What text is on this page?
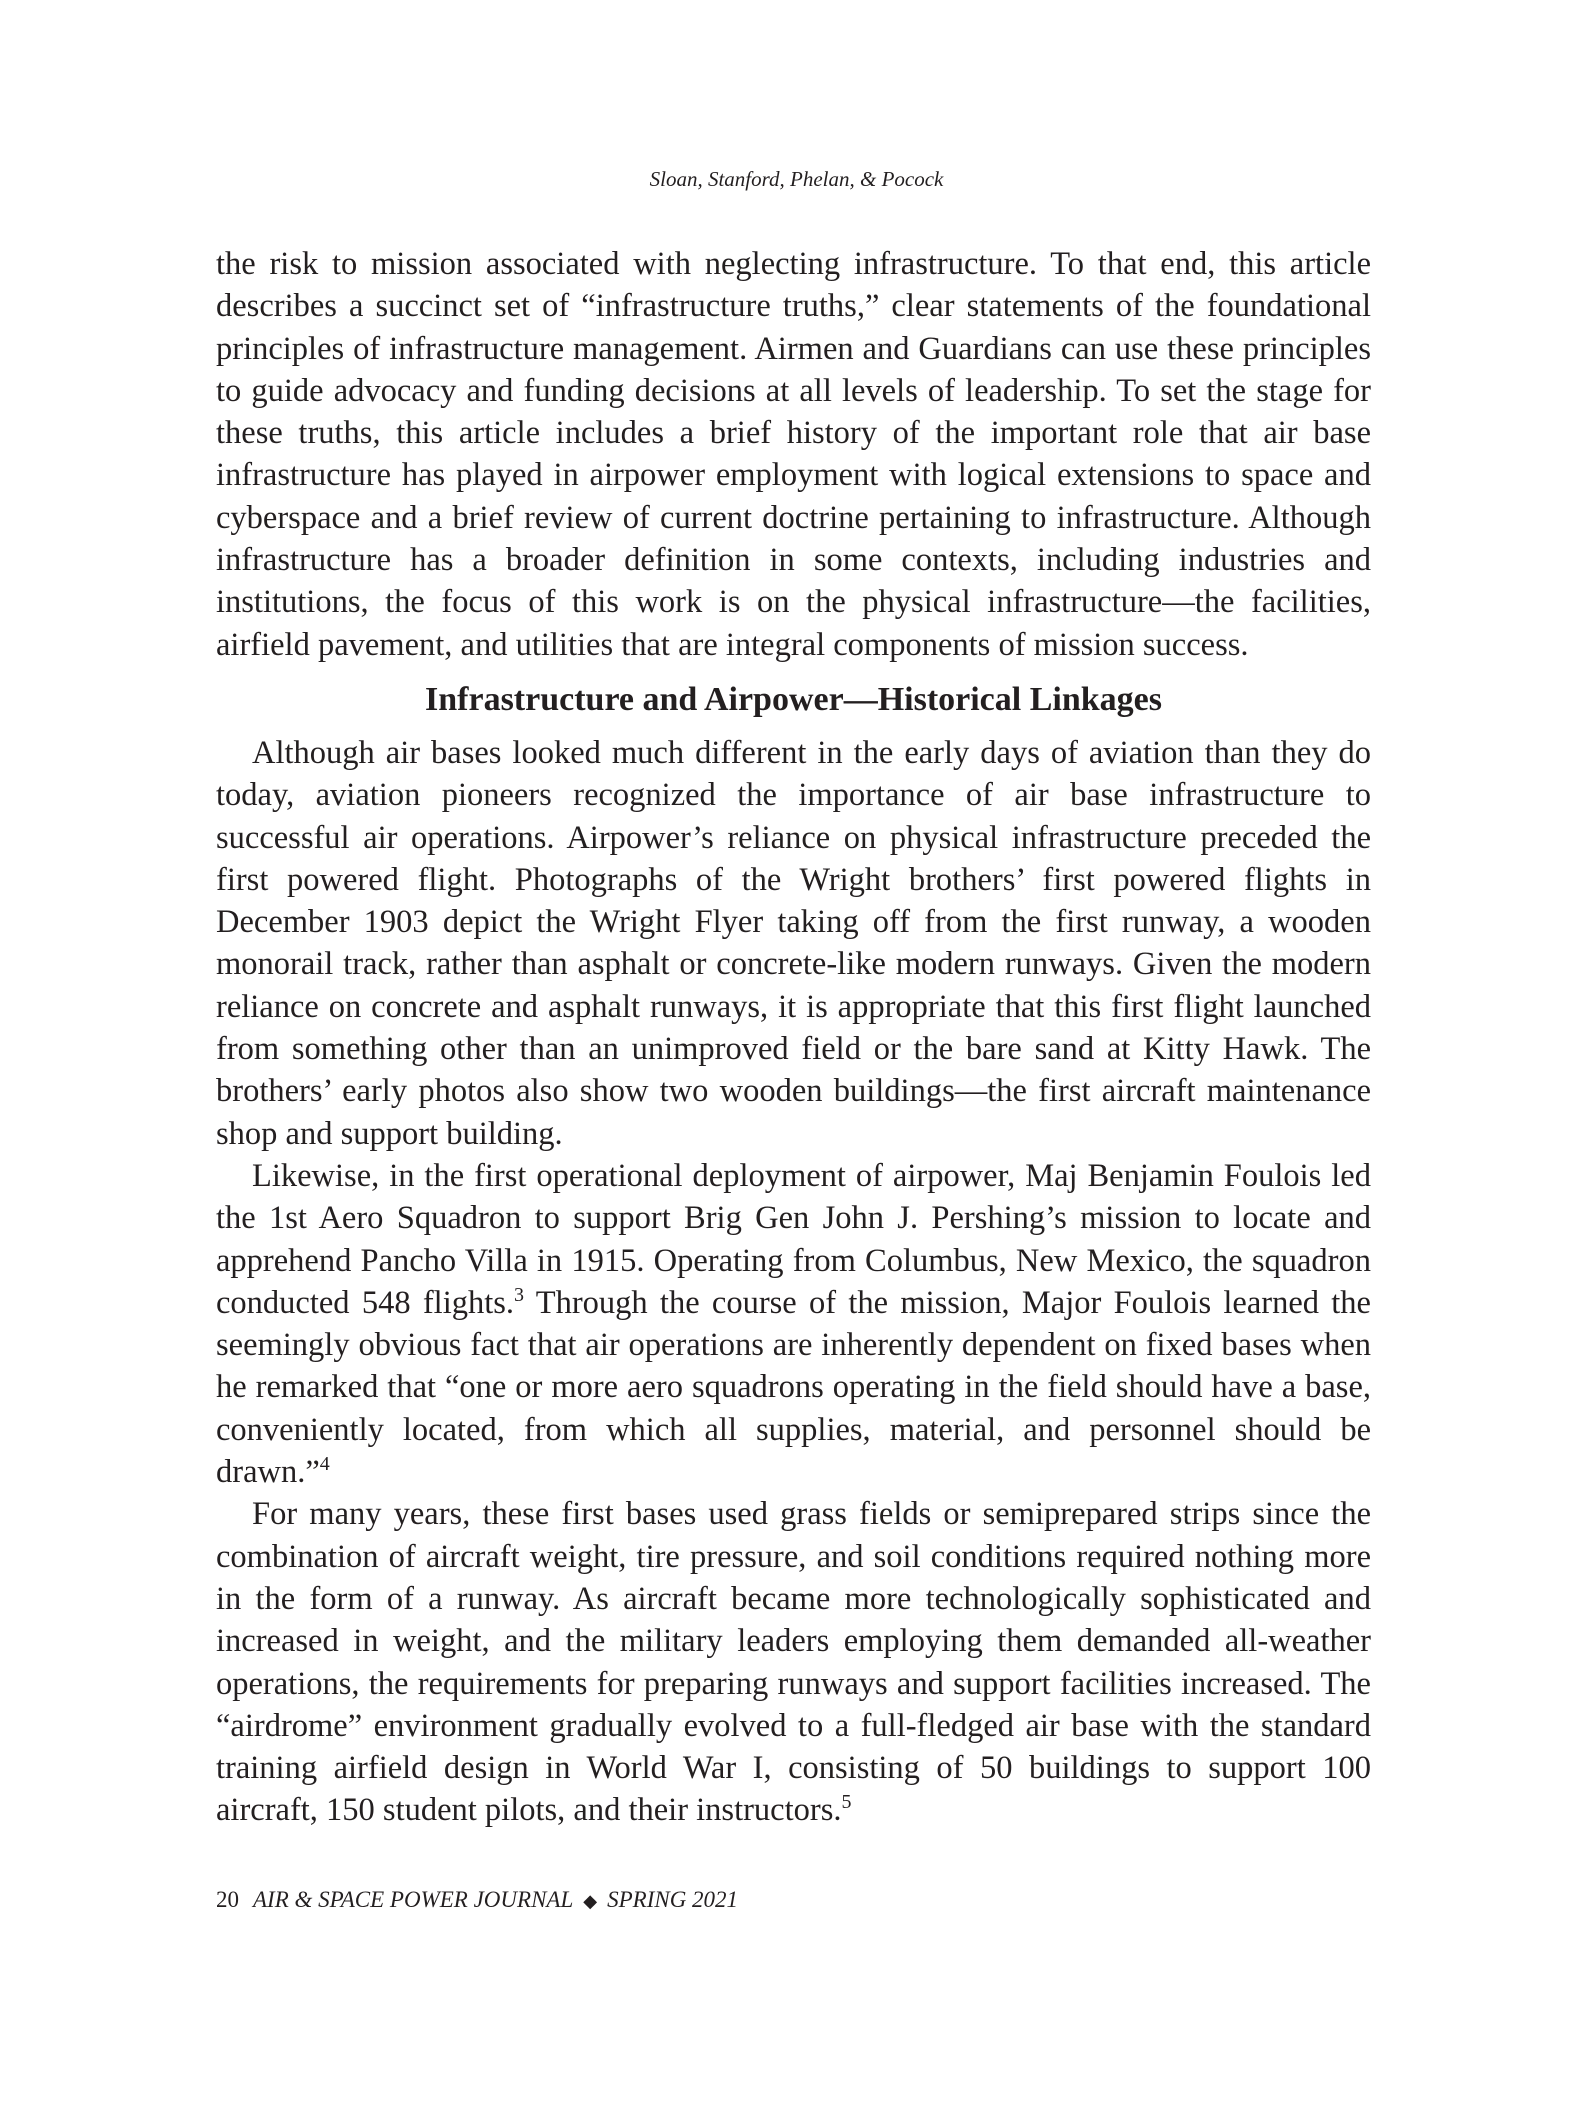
Sloan, Stanford, Phelan, & Pocock

the risk to mission associated with neglecting infrastructure. To that end, this article describes a succinct set of “infrastructure truths,” clear statements of the foundational principles of infrastructure management. Airmen and Guardians can use these principles to guide advocacy and funding decisions at all levels of leadership. To set the stage for these truths, this article includes a brief history of the important role that air base infrastructure has played in airpower employment with logical extensions to space and cyberspace and a brief review of current doctrine pertaining to infrastructure. Although infrastructure has a broader definition in some contexts, including industries and institutions, the focus of this work is on the physical infrastructure—the facilities, airfield pavement, and utilities that are integral components of mission success.

Infrastructure and Airpower—Historical Linkages

Although air bases looked much different in the early days of aviation than they do today, aviation pioneers recognized the importance of air base infrastructure to successful air operations. Airpower’s reliance on physical infrastructure preceded the first powered flight. Photographs of the Wright brothers’ first powered flights in December 1903 depict the Wright Flyer taking off from the first runway, a wooden monorail track, rather than asphalt or concrete-like modern runways. Given the modern reliance on concrete and asphalt runways, it is appropriate that this first flight launched from something other than an unimproved field or the bare sand at Kitty Hawk. The brothers’ early photos also show two wooden buildings—the first aircraft maintenance shop and support building.

Likewise, in the first operational deployment of airpower, Maj Benjamin Foulois led the 1st Aero Squadron to support Brig Gen John J. Pershing’s mission to locate and apprehend Pancho Villa in 1915. Operating from Columbus, New Mexico, the squadron conducted 548 flights.$^3$ Through the course of the mission, Major Foulois learned the seemingly obvious fact that air operations are inherently dependent on fixed bases when he remarked that “one or more aero squadrons operating in the field should have a base, conveniently located, from which all supplies, material, and personnel should be drawn.”$^4$

For many years, these first bases used grass fields or semiprepared strips since the combination of aircraft weight, tire pressure, and soil conditions required nothing more in the form of a runway. As aircraft became more technologically sophisticated and increased in weight, and the military leaders employing them demanded all-weather operations, the requirements for preparing runways and support facilities increased. The “airdrome” environment gradually evolved to a full-fledged air base with the standard training airfield design in World War I, consisting of 50 buildings to support 100 aircraft, 150 student pilots, and their instructors.$^5$

20 AIR & SPACE POWER JOURNAL ◆ SPRING 2021
